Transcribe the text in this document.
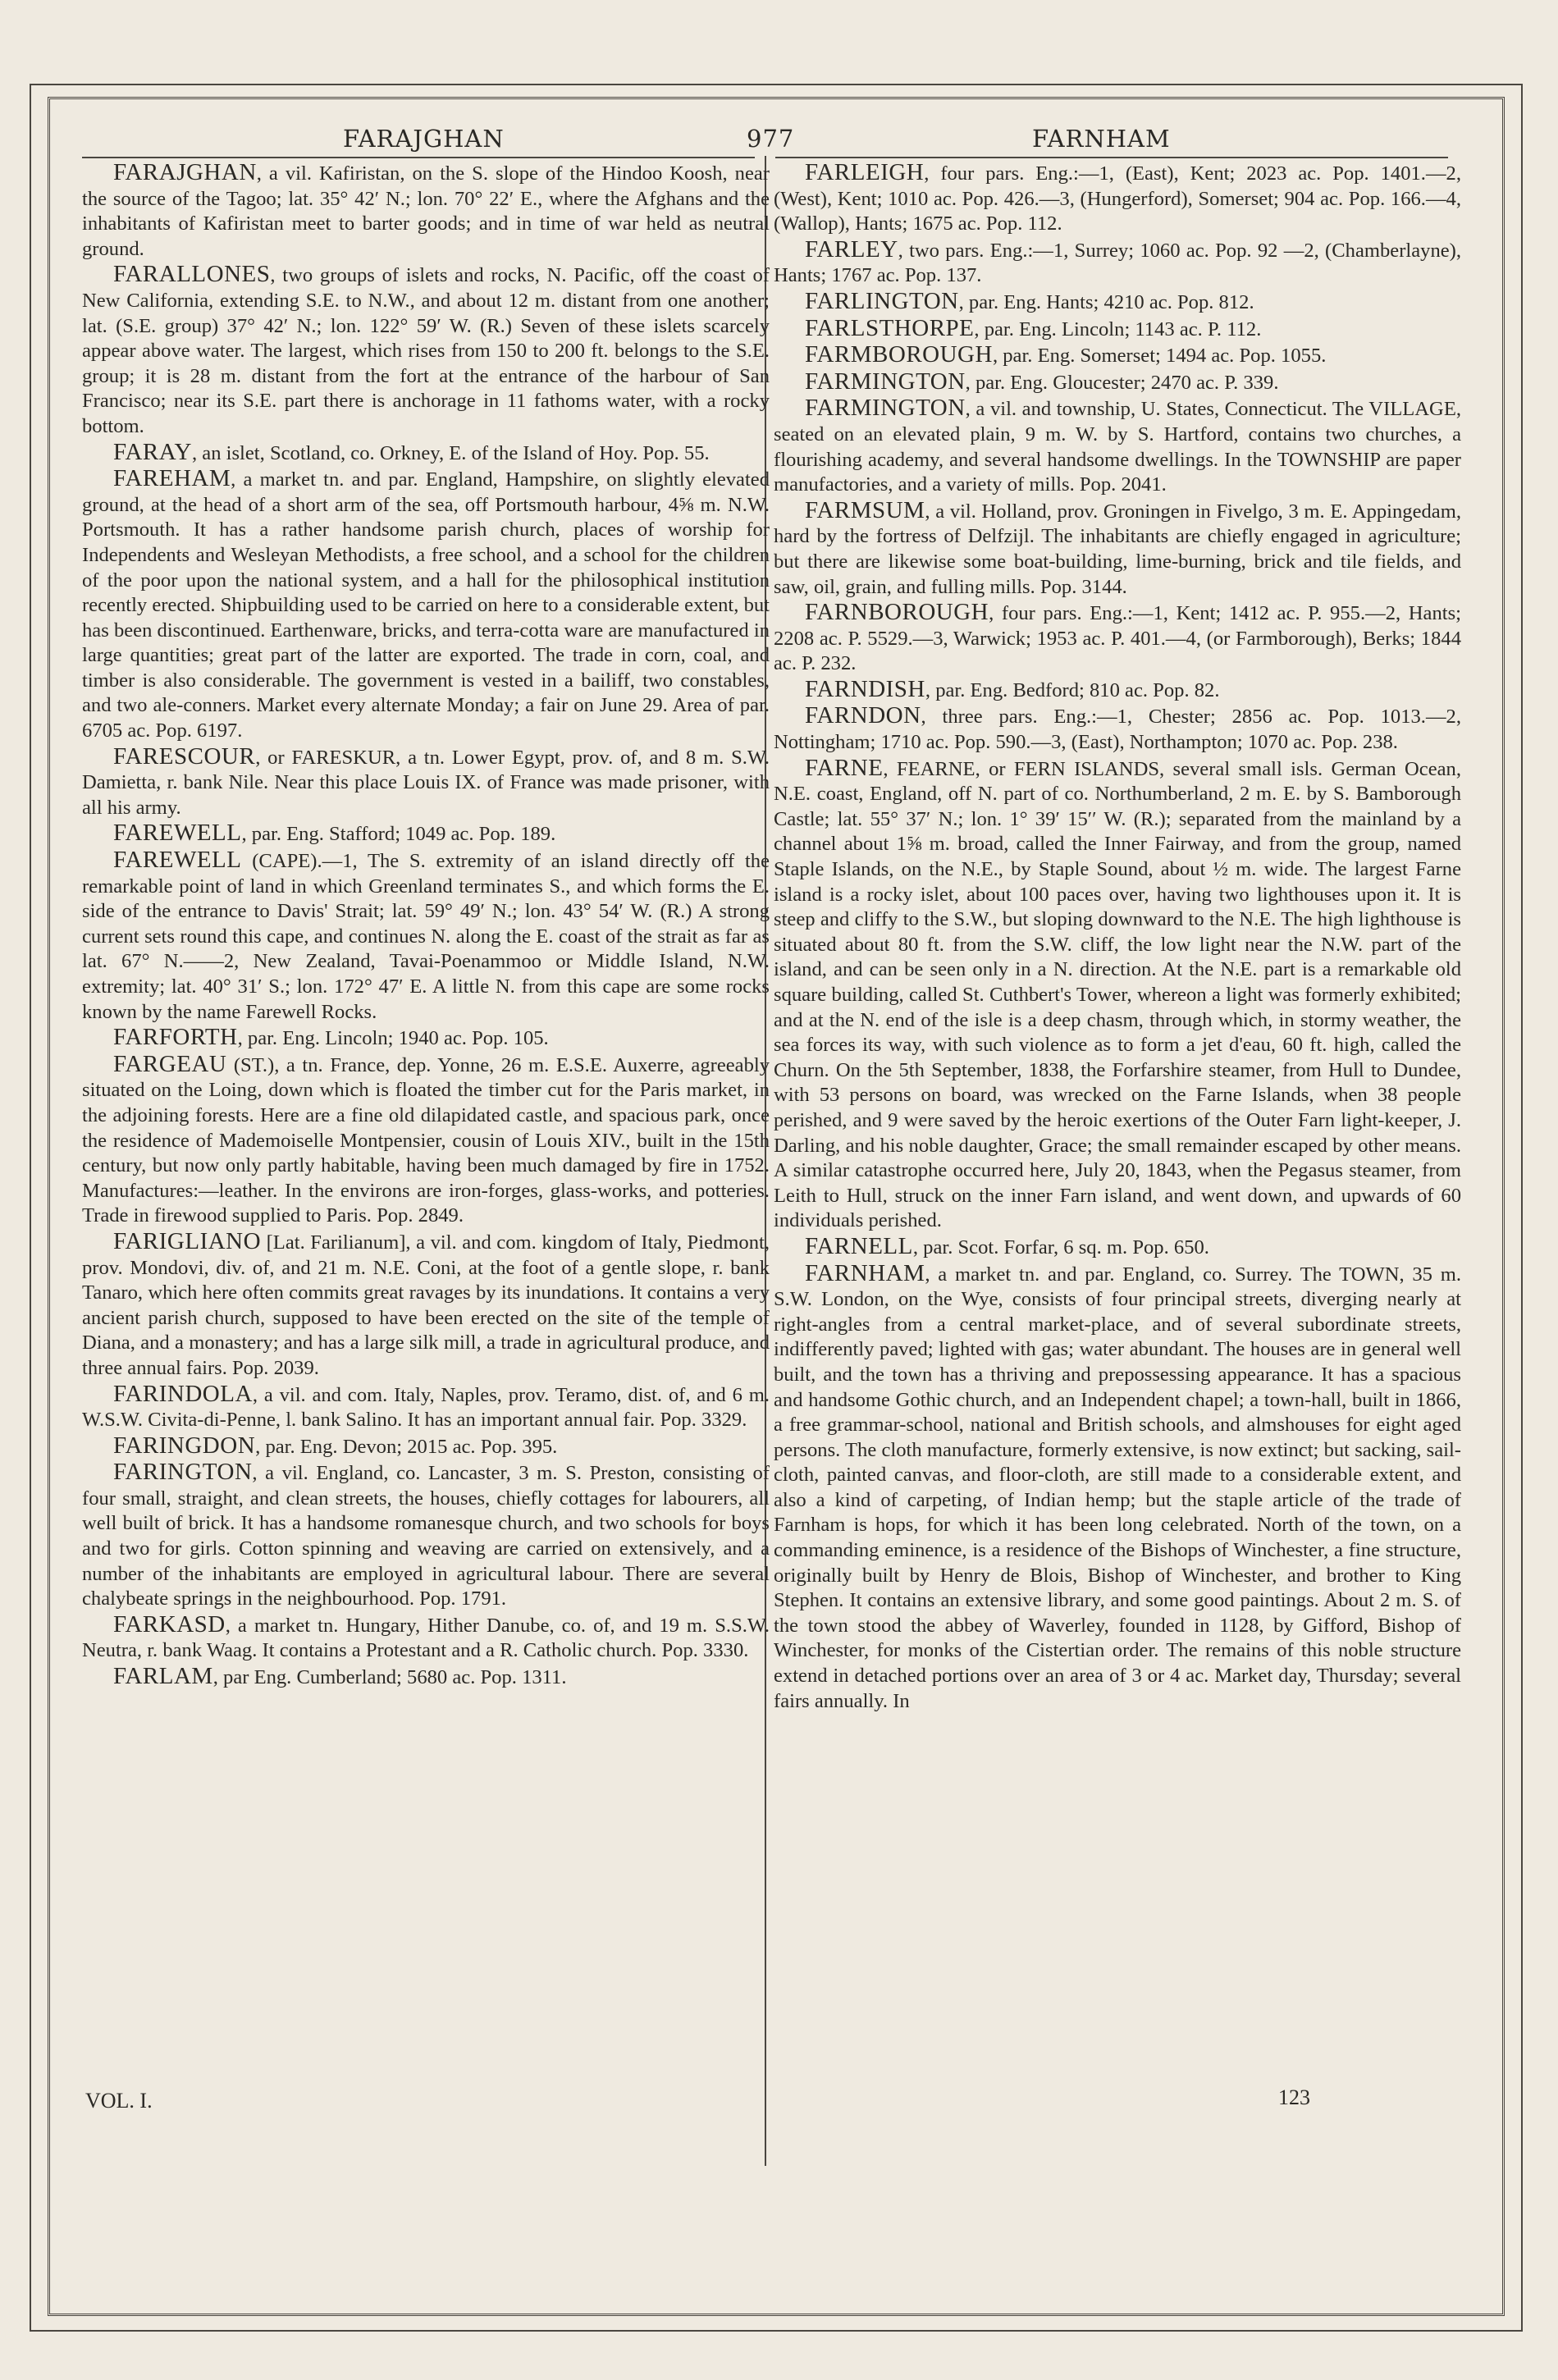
FARAJGHAN	977	FARNHAM

FARAJGHAN, a vil. Kafiristan, on the S. slope of the Hindoo Koosh, near the source of the Tagoo; lat. 35° 42′ N.; lon. 70° 22′ E., where the Afghans and the inhabitants of Kafiristan meet to barter goods; and in time of war held as neutral ground.

FARALLONES, two groups of islets and rocks, N. Pacific, off the coast of New California, extending S.E. to N.W., and about 12 m. distant from one another; lat. (S.E. group) 37° 42′ N.; lon. 122° 59′ W. (R.) Seven of these islets scarcely appear above water. The largest, which rises from 150 to 200 ft. belongs to the S.E. group; it is 28 m. distant from the fort at the entrance of the harbour of San Francisco; near its S.E. part there is anchorage in 11 fathoms water, with a rocky bottom.

FARAY, an islet, Scotland, co. Orkney, E. of the Island of Hoy. Pop. 55.

FAREHAM, a market tn. and par. England, Hampshire, on slightly elevated ground, at the head of a short arm of the sea, off Portsmouth harbour, 4⅝ m. N.W. Portsmouth. It has a rather handsome parish church, places of worship for Independents and Wesleyan Methodists, a free school, and a school for the children of the poor upon the national system, and a hall for the philosophical institution recently erected. Shipbuilding used to be carried on here to a considerable extent, but has been discontinued. Earthenware, bricks, and terra-cotta ware are manufactured in large quantities; great part of the latter are exported. The trade in corn, coal, and timber is also considerable. The government is vested in a bailiff, two constables, and two ale-conners. Market every alternate Monday; a fair on June 29. Area of par. 6705 ac. Pop. 6197.

FARESCOUR, or FARESKUR, a tn. Lower Egypt, prov. of, and 8 m. S.W. Damietta, r. bank Nile. Near this place Louis IX. of France was made prisoner, with all his army.

FAREWELL, par. Eng. Stafford; 1049 ac. Pop. 189.

FAREWELL (CAPE).—1, The S. extremity of an island directly off the remarkable point of land in which Greenland terminates S., and which forms the E. side of the entrance to Davis' Strait; lat. 59° 49′ N.; lon. 43° 54′ W. (R.) A strong current sets round this cape, and continues N. along the E. coast of the strait as far as lat. 67° N.——2, New Zealand, Tavai-Poenammoo or Middle Island, N.W. extremity; lat. 40° 31′ S.; lon. 172° 47′ E. A little N. from this cape are some rocks known by the name Farewell Rocks.

FARFORTH, par. Eng. Lincoln; 1940 ac. Pop. 105.

FARGEAU (ST.), a tn. France, dep. Yonne, 26 m. E.S.E. Auxerre, agreeably situated on the Loing, down which is floated the timber cut for the Paris market, in the adjoining forests. Here are a fine old dilapidated castle, and spacious park, once the residence of Mademoiselle Montpensier, cousin of Louis XIV., built in the 15th century, but now only partly habitable, having been much damaged by fire in 1752. Manufactures:—leather. In the environs are iron-forges, glass-works, and potteries. Trade in firewood supplied to Paris. Pop. 2849.

FARIGLIANO [Lat. Farilianum], a vil. and com. kingdom of Italy, Piedmont, prov. Mondovi, div. of, and 21 m. N.E. Coni, at the foot of a gentle slope, r. bank Tanaro, which here often commits great ravages by its inundations. It contains a very ancient parish church, supposed to have been erected on the site of the temple of Diana, and a monastery; and has a large silk mill, a trade in agricultural produce, and three annual fairs. Pop. 2039.

FARINDOLA, a vil. and com. Italy, Naples, prov. Teramo, dist. of, and 6 m. W.S.W. Civita-di-Penne, l. bank Salino. It has an important annual fair. Pop. 3329.

FARINGDON, par. Eng. Devon; 2015 ac. Pop. 395.

FARINGTON, a vil. England, co. Lancaster, 3 m. S. Preston, consisting of four small, straight, and clean streets, the houses, chiefly cottages for labourers, all well built of brick. It has a handsome romanesque church, and two schools for boys and two for girls. Cotton spinning and weaving are carried on extensively, and a number of the inhabitants are employed in agricultural labour. There are several chalybeate springs in the neighbourhood. Pop. 1791.

FARKASD, a market tn. Hungary, Hither Danube, co. of, and 19 m. S.S.W. Neutra, r. bank Waag. It contains a Protestant and a R. Catholic church. Pop. 3330.

FARLAM, par Eng. Cumberland; 5680 ac. Pop. 1311.

FARLEIGH, four pars. Eng.:—1, (East), Kent; 2023 ac. Pop. 1401.—2, (West), Kent; 1010 ac. Pop. 426.—3, (Hungerford), Somerset; 904 ac. Pop. 166.—4, (Wallop), Hants; 1675 ac. Pop. 112.

FARLEY, two pars. Eng.:—1, Surrey; 1060 ac. Pop. 92 —2, (Chamberlayne), Hants; 1767 ac. Pop. 137.

FARLINGTON, par. Eng. Hants; 4210 ac. Pop. 812.

FARLSTHORPE, par. Eng. Lincoln; 1143 ac. P. 112.

FARMBOROUGH, par. Eng. Somerset; 1494 ac. Pop. 1055.

FARMINGTON, par. Eng. Gloucester; 2470 ac. P. 339.

FARMINGTON, a vil. and township, U. States, Connecticut. The VILLAGE, seated on an elevated plain, 9 m. W. by S. Hartford, contains two churches, a flourishing academy, and several handsome dwellings. In the TOWNSHIP are paper manufactories, and a variety of mills. Pop. 2041.

FARMSUM, a vil. Holland, prov. Groningen in Fivelgo, 3 m. E. Appingedam, hard by the fortress of Delfzijl. The inhabitants are chiefly engaged in agriculture; but there are likewise some boat-building, lime-burning, brick and tile fields, and saw, oil, grain, and fulling mills. Pop. 3144.

FARNBOROUGH, four pars. Eng.:—1, Kent; 1412 ac. P. 955.—2, Hants; 2208 ac. P. 5529.—3, Warwick; 1953 ac. P. 401.—4, (or Farmborough), Berks; 1844 ac. P. 232.

FARNDISH, par. Eng. Bedford; 810 ac. Pop. 82.

FARNDON, three pars. Eng.:—1, Chester; 2856 ac. Pop. 1013.—2, Nottingham; 1710 ac. Pop. 590.—3, (East), Northampton; 1070 ac. Pop. 238.

FARNE, FEARNE, or FERN ISLANDS, several small isls. German Ocean, N.E. coast, England, off N. part of co. Northumberland, 2 m. E. by S. Bamborough Castle; lat. 55° 37′ N.; lon. 1° 39′ 15′′ W. (R.); separated from the mainland by a channel about 1⅝ m. broad, called the Inner Fairway, and from the group, named Staple Islands, on the N.E., by Staple Sound, about ½ m. wide. The largest Farne island is a rocky islet, about 100 paces over, having two lighthouses upon it. It is steep and cliffy to the S.W., but sloping downward to the N.E. The high lighthouse is situated about 80 ft. from the S.W. cliff, the low light near the N.W. part of the island, and can be seen only in a N. direction. At the N.E. part is a remarkable old square building, called St. Cuthbert's Tower, whereon a light was formerly exhibited; and at the N. end of the isle is a deep chasm, through which, in stormy weather, the sea forces its way, with such violence as to form a jet d'eau, 60 ft. high, called the Churn. On the 5th September, 1838, the Forfarshire steamer, from Hull to Dundee, with 53 persons on board, was wrecked on the Farne Islands, when 38 people perished, and 9 were saved by the heroic exertions of the Outer Farn light-keeper, J. Darling, and his noble daughter, Grace; the small remainder escaped by other means. A similar catastrophe occurred here, July 20, 1843, when the Pegasus steamer, from Leith to Hull, struck on the inner Farn island, and went down, and upwards of 60 individuals perished.

FARNELL, par. Scot. Forfar, 6 sq. m. Pop. 650.

FARNHAM, a market tn. and par. England, co. Surrey. The TOWN, 35 m. S.W. London, on the Wye, consists of four principal streets, diverging nearly at right-angles from a central market-place, and of several subordinate streets, indifferently paved; lighted with gas; water abundant. The houses are in general well built, and the town has a thriving and prepossessing appearance. It has a spacious and handsome Gothic church, and an Independent chapel; a town-hall, built in 1866, a free grammar-school, national and British schools, and almshouses for eight aged persons. The cloth manufacture, formerly extensive, is now extinct; but sacking, sail-cloth, painted canvas, and floor-cloth, are still made to a considerable extent, and also a kind of carpeting, of Indian hemp; but the staple article of the trade of Farnham is hops, for which it has been long celebrated. North of the town, on a commanding eminence, is a residence of the Bishops of Winchester, a fine structure, originally built by Henry de Blois, Bishop of Winchester, and brother to King Stephen. It contains an extensive library, and some good paintings. About 2 m. S. of the town stood the abbey of Waverley, founded in 1128, by Gifford, Bishop of Winchester, for monks of the Cistertian order. The remains of this noble structure extend in detached portions over an area of 3 or 4 ac. Market day, Thursday; several fairs annually. In

VOL. I.	123
